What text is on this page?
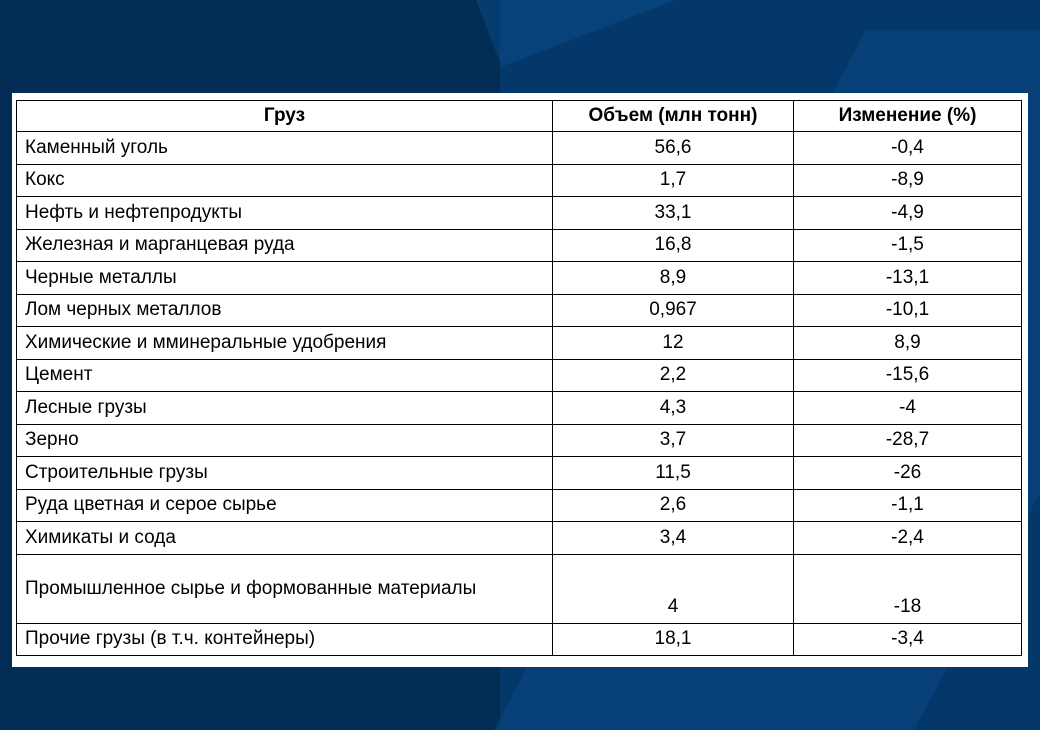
Груз	Объем (млн тонн)	Изменение (%)
Каменный уголь	56,6	-0,4
Кокс	1,7	-8,9
Нефть и нефтепродукты	33,1	-4,9
Железная и марганцевая руда	16,8	-1,5
Черные металлы	8,9	-13,1
Лом черных металлов	0,967	-10,1
Химические и мминеральные удобрения	12	8,9
Цемент	2,2	-15,6
Лесные грузы	4,3	-4
Зерно	3,7	-28,7
Строительные грузы	11,5	-26
Руда цветная и серое сырье	2,6	-1,1
Химикаты и сода	3,4	-2,4
Промышленное сырье и формованные материалы	4	-18
Прочие грузы (в т.ч. контейнеры)	18,1	-3,4
